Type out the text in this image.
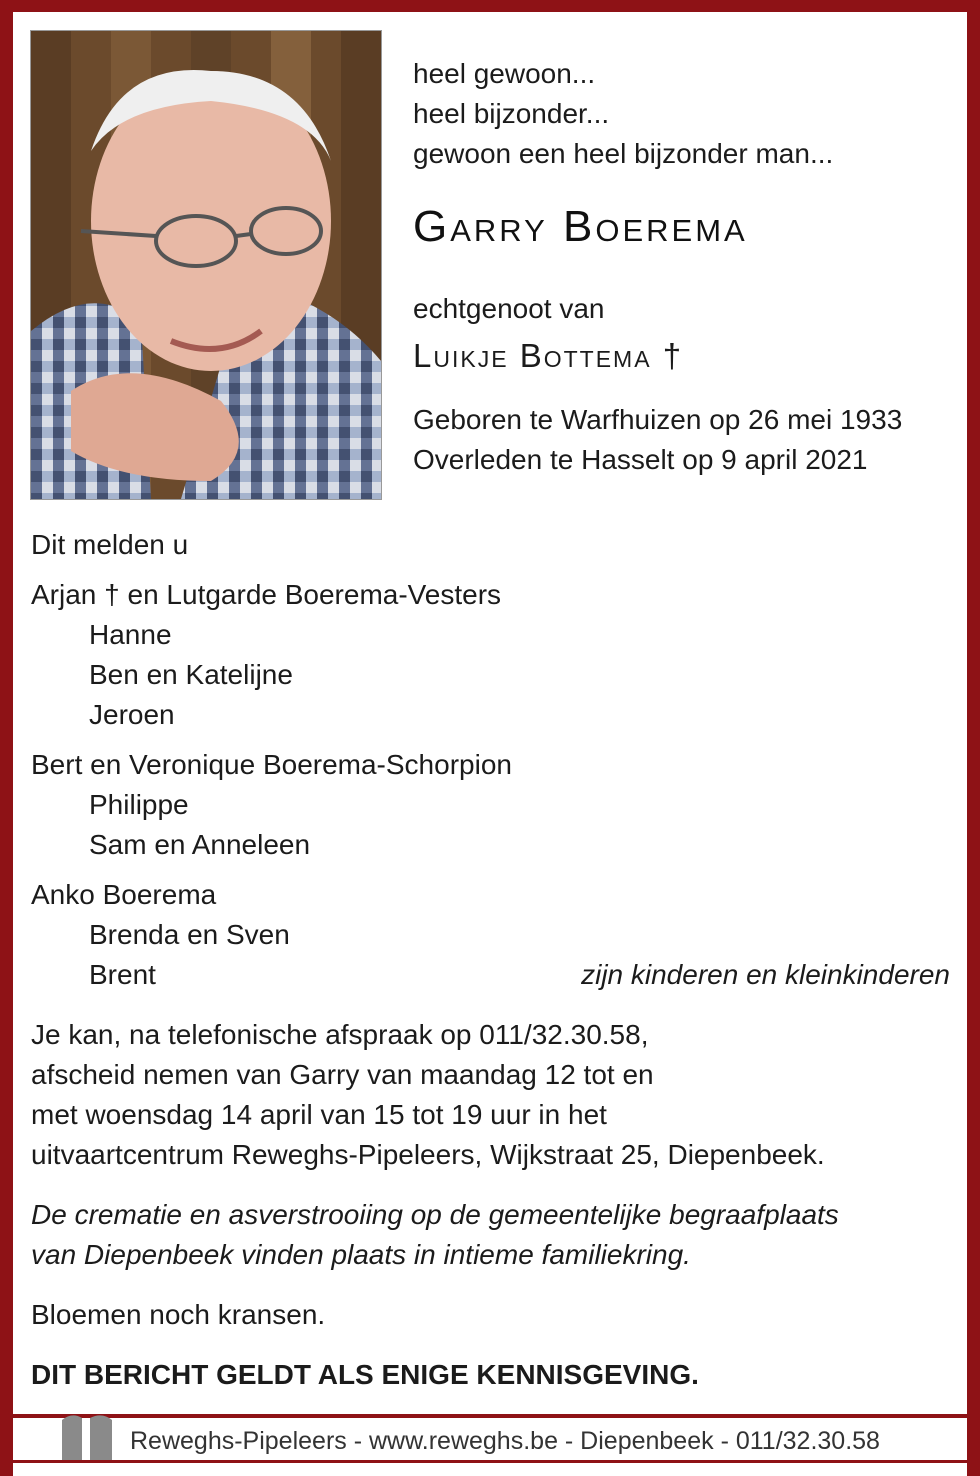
heel gewoon...
heel bijzonder...
gewoon een heel bijzonder man...
Garry Boerema
echtgenoot van
Luikje Bottema †
Geboren te Warfhuizen op 26 mei 1933
Overleden te Hasselt op 9 april 2021
Dit melden u
Arjan † en Lutgarde Boerema-Vesters
Hanne
Ben en Katelijne
Jeroen
Bert en Veronique Boerema-Schorpion
Philippe
Sam en Anneleen
Anko Boerema
Brenda en Sven
Brent	zijn kinderen en kleinkinderen
Je kan, na telefonische afspraak op 011/32.30.58,
afscheid nemen van Garry van maandag 12 tot en
met woensdag 14 april van 15 tot 19 uur in het
uitvaartcentrum Reweghs-Pipeleers, Wijkstraat 25, Diepenbeek.
De crematie en asverstrooiing op de gemeentelijke begraafplaats
van Diepenbeek vinden plaats in intieme familiekring.
Bloemen noch kransen.
DIT BERICHT GELDT ALS ENIGE KENNISGEVING.
Reweghs-Pipeleers - www.reweghs.be - Diepenbeek - 011/32.30.58
